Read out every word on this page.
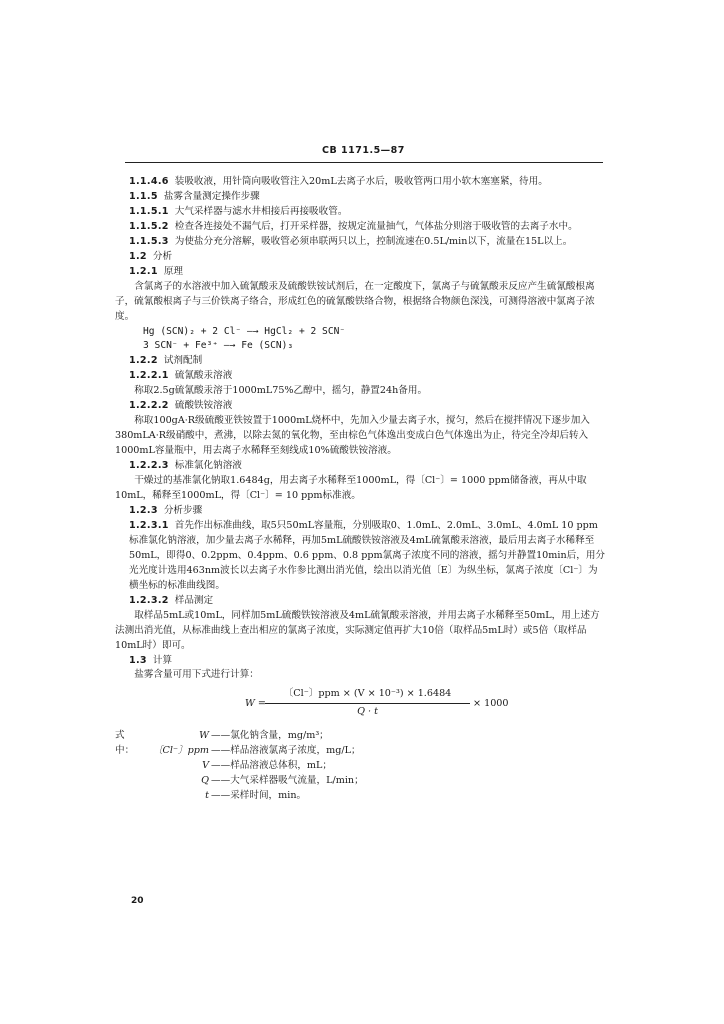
CB 1171.5—87

1.1.4.6 装吸收液，用针筒向吸收管注入20mL去离子水后，吸收管两口用小软木塞塞紧，待用。

1.1.5 盐雾含量测定操作步骤

1.1.5.1 大气采样器与滤水井相接后再接吸收管。

1.1.5.2 检查各连接处不漏气后，打开采样器，按规定流量抽气，气体盐分则溶于吸收管的去离子水中。

1.1.5.3 为使盐分充分溶解，吸收管必须串联两只以上，控制流速在0.5L/min以下，流量在15L以上。

1.2 分析

1.2.1 原理

含氯离子的水溶液中加入硫氰酸汞及硫酸铁铵试剂后，在一定酸度下，氯离子与硫氰酸汞反应产生硫氰酸根离子，硫氰酸根离子与三价铁离子络合，形成红色的硫氰酸铁络合物，根据络合物颜色深浅，可测得溶液中氯离子浓度。

Hg (SCN)₂ + 2 Cl⁻ —→ HgCl₂ + 2 SCN⁻

3 SCN⁻ + Fe³⁺ —→ Fe (SCN)₃

1.2.2 试剂配制

1.2.2.1 硫氰酸汞溶液

称取2.5g硫氰酸汞溶于1000mL75%乙醇中，摇匀，静置24h备用。

1.2.2.2 硫酸铁铵溶液

称取100gA·R级硫酸亚铁铵置于1000mL烧杯中，先加入少量去离子水，搅匀，然后在搅拌情况下逐步加入380mLA·R级硝酸中，煮沸，以除去氮的氧化物，至由棕色气体逸出变成白色气体逸出为止，待完全冷却后转入1000mL容量瓶中，用去离子水稀释至刻线成10%硫酸铁铵溶液。

1.2.2.3 标准氯化钠溶液

干燥过的基准氯化钠取1.6484g，用去离子水稀释至1000mL，得〔Cl⁻〕= 1000 ppm储备液，再从中取10mL，稀释至1000mL，得〔Cl⁻〕= 10 ppm标准液。

1.2.3 分析步骤

1.2.3.1 首先作出标准曲线，取5只50mL容量瓶，分别吸取0、1.0mL、2.0mL、3.0mL、4.0mL 10 ppm标准氯化钠溶液，加少量去离子水稀释，再加5mL硫酸铁铵溶液及4mL硫氰酸汞溶液，最后用去离子水稀释至50mL，即得0、0.2ppm、0.4ppm、0.6 ppm、0.8 ppm氯离子浓度不同的溶液，摇匀并静置10min后，用分光光度计选用463nm波长以去离子水作参比测出消光值，绘出以消光值〔E〕为纵坐标，氯离子浓度〔Cl⁻〕为横坐标的标准曲线图。

1.2.3.2 样品测定

取样品5mL或10mL，同样加5mL硫酸铁铵溶液及4mL硫氰酸汞溶液，并用去离子水稀释至50mL，用上述方法测出消光值，从标准曲线上查出相应的氯离子浓度，实际测定值再扩大10倍（取样品5mL时）或5倍（取样品10mL时）即可。

1.3 计算

盐雾含量可用下式进行计算：

W =
〔Cl⁻〕ppm × (V × 10⁻³) × 1.6484
Q · t
× 1000
式中：
W ——氯化钠含量，mg/m³；
〔Cl⁻〕ppm ——样品溶液氯离子浓度，mg/L；
V ——样品溶液总体积，mL；
Q ——大气采样器吸气流量，L/min；
t ——采样时间，min。
20
